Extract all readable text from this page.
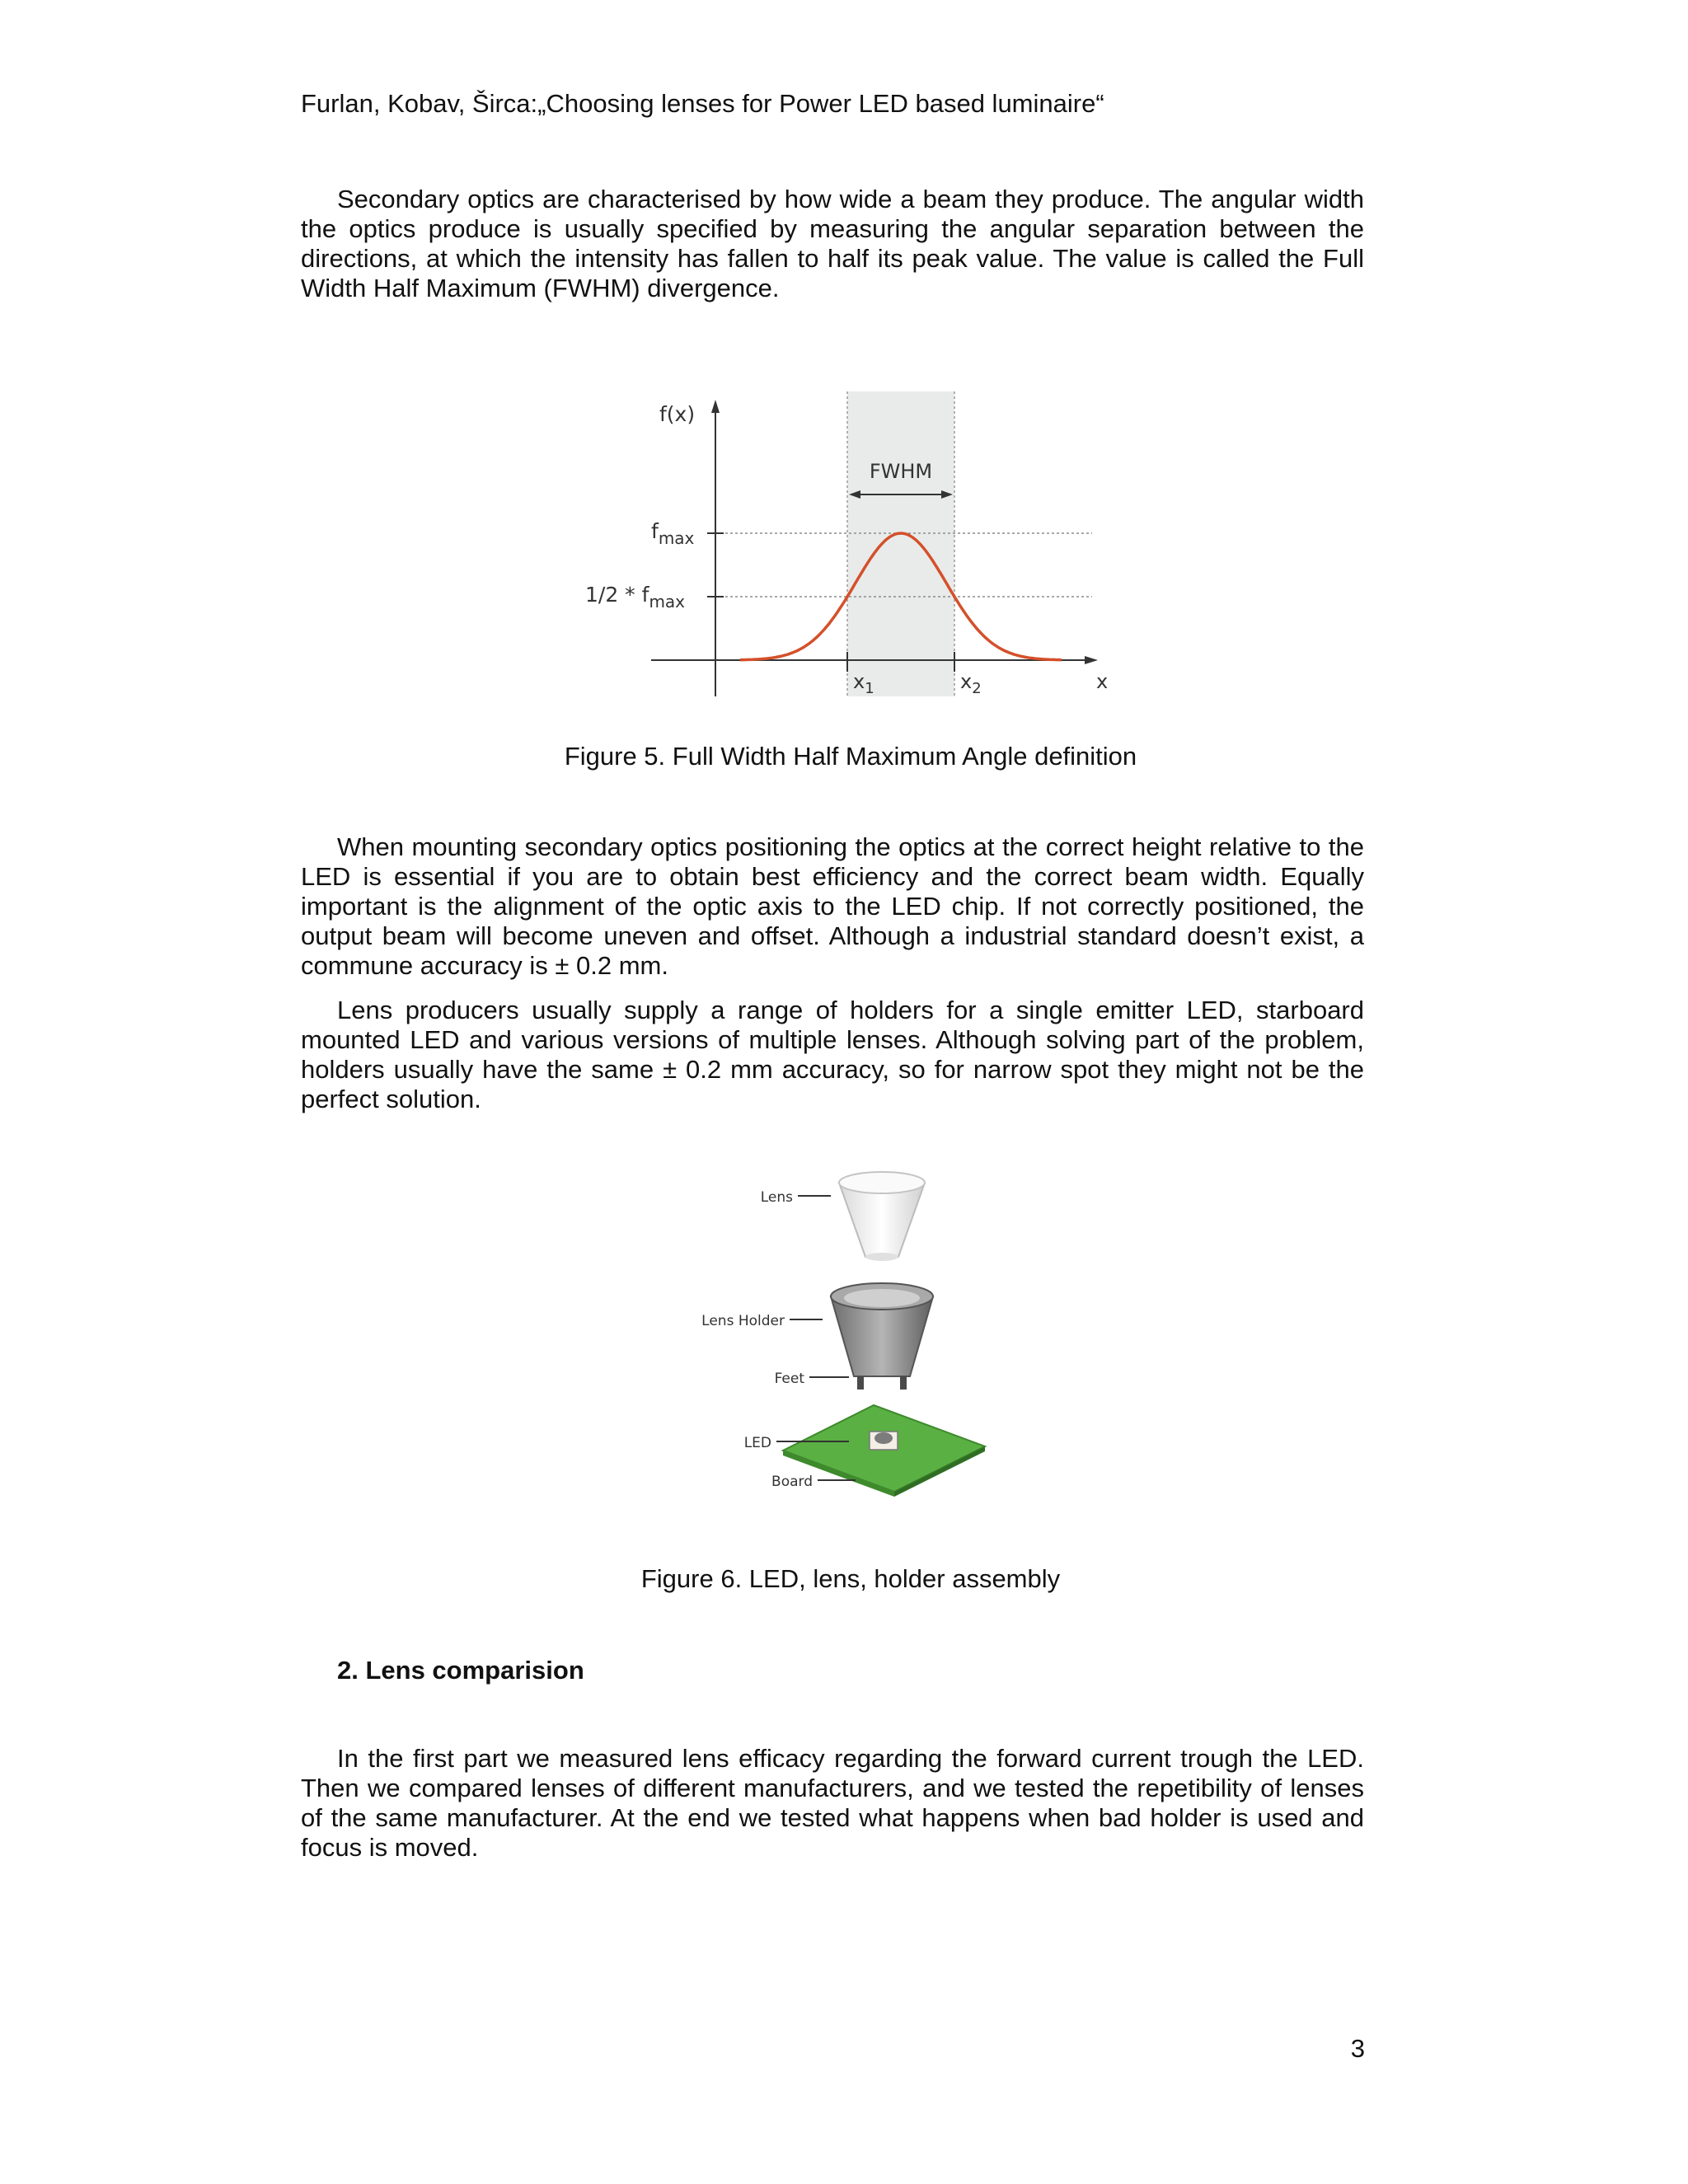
Furlan, Kobav, Širca:„Choosing lenses for Power LED based luminaire“

Secondary optics are characterised by how wide a beam they produce. The angular width the optics produce is usually specified by measuring the angular separation between the directions, at which the intensity has fallen to half its peak value. The value is called the Full Width Half Maximum (FWHM) divergence.

FWHM
f(x)
x
$f_{max}$
$1/2 * f_{max}$
$x_1$	$x_2$
Figure 5. Full Width Half Maximum Angle definition

When mounting secondary optics positioning the optics at the correct height relative to the LED is essential if you are to obtain best efficiency and the correct beam width. Equally important is the alignment of the optic axis to the LED chip. If not correctly positioned, the output beam will become uneven and offset. Although a industrial standard doesn’t exist, a commune accuracy is ± 0.2 mm.

Lens producers usually supply a range of holders for a single emitter LED, starboard mounted LED and various versions of multiple lenses. Although solving part of the problem, holders usually have the same ± 0.2 mm accuracy, so for narrow spot they might not be the perfect solution.

Lens
Lens Holder
Feet
LED
Board
Figure 6. LED, lens, holder assembly
2. Lens comparision

In the first part we measured lens efficacy regarding the forward current trough the LED. Then we compared lenses of different manufacturers, and we tested the repetibility of lenses of the same manufacturer. At the end we tested what happens when bad holder is used and focus is moved.

3
